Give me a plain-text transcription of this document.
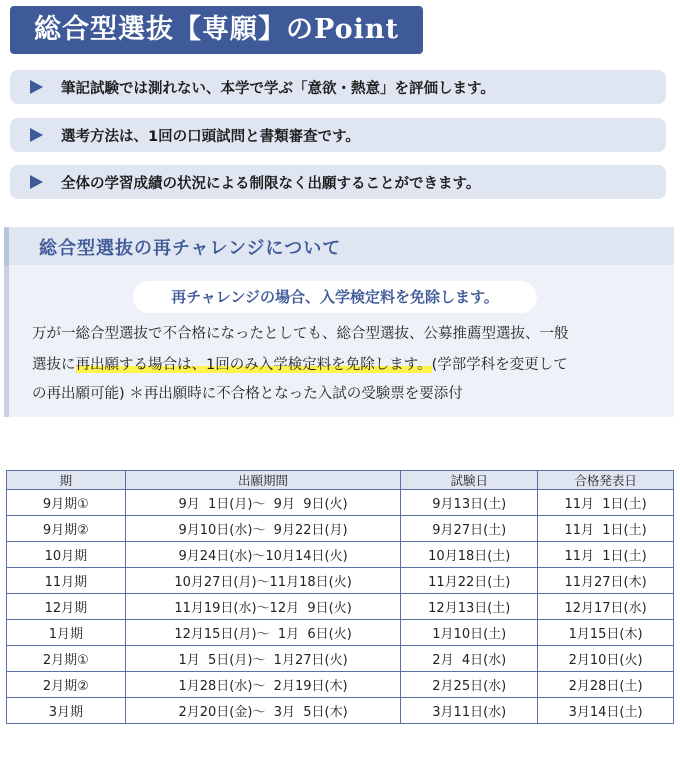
総合型選抜【専願】のPoint
筆記試験では測れない、本学で学ぶ「意欲・熱意」を評価します。
選考方法は、1回の口頭試問と書類審査です。
全体の学習成績の状況による制限なく出願することができます。
総合型選抜の再チャレンジについて
再チャレンジの場合、入学検定料を免除します。
万が一総合型選抜で不合格になったとしても、総合型選抜、公募推薦型選抜、一般
選抜に再出願する場合は、1回のみ入学検定料を免除します。(学部学科を変更して
の再出願可能) ＊再出願時に不合格となった入試の受験票を要添付
期	出願期間	試験日	合格発表日
9月期①	9月  1日(月)～  9月  9日(火)	9月13日(土)	11月  1日(土)
9月期②	9月10日(水)～  9月22日(月)	9月27日(土)	11月  1日(土)
10月期	9月24日(水)～10月14日(火)	10月18日(土)	11月  1日(土)
11月期	10月27日(月)～11月18日(火)	11月22日(土)	11月27日(木)
12月期	11月19日(水)～12月  9日(火)	12月13日(土)	12月17日(水)
1月期	12月15日(月)～  1月  6日(火)	1月10日(土)	1月15日(木)
2月期①	1月  5日(月)～  1月27日(火)	2月  4日(水)	2月10日(火)
2月期②	1月28日(水)～  2月19日(木)	2月25日(水)	2月28日(土)
3月期	2月20日(金)～  3月  5日(木)	3月11日(水)	3月14日(土)
